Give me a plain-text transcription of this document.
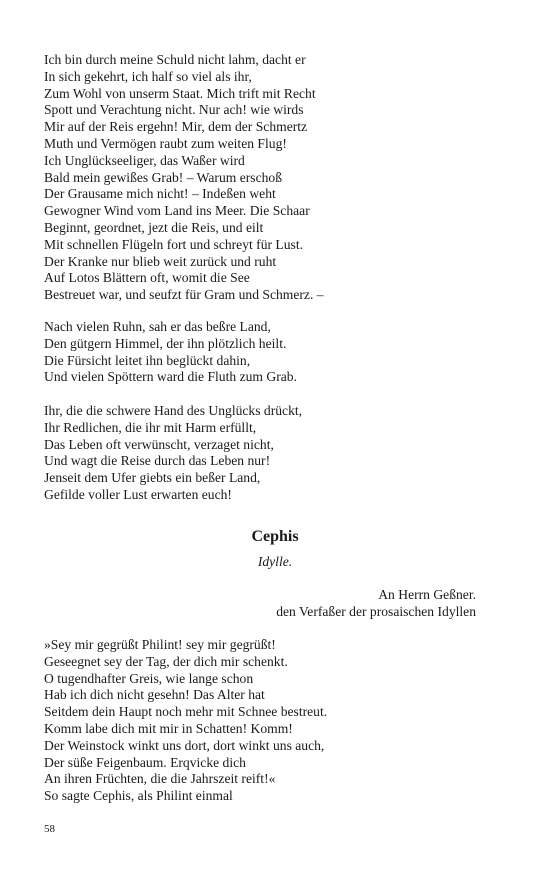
Ich bin durch meine Schuld nicht lahm, dacht er
In sich gekehrt, ich half so viel als ihr,
Zum Wohl von unserm Staat. Mich trift mit Recht
Spott und Verachtung nicht. Nur ach! wie wirds
Mir auf der Reis ergehn! Mir, dem der Schmertz
Muth und Vermögen raubt zum weiten Flug!
Ich Unglückseeliger, das Waßer wird
Bald mein gewißes Grab! – Warum erschoß
Der Grausame mich nicht! – Indeßen weht
Gewogner Wind vom Land ins Meer. Die Schaar
Beginnt, geordnet, jezt die Reis, und eilt
Mit schnellen Flügeln fort und schreyt für Lust.
Der Kranke nur blieb weit zurück und ruht
Auf Lotos Blättern oft, womit die See
Bestreuet war, und seufzt für Gram und Schmerz. –
Nach vielen Ruhn, sah er das beßre Land,
Den gütgern Himmel, der ihn plötzlich heilt.
Die Fürsicht leitet ihn beglückt dahin,
Und vielen Spöttern ward die Fluth zum Grab.
Ihr, die die schwere Hand des Unglücks drückt,
Ihr Redlichen, die ihr mit Harm erfüllt,
Das Leben oft verwünscht, verzaget nicht,
Und wagt die Reise durch das Leben nur!
Jenseit dem Ufer giebts ein beßer Land,
Gefilde voller Lust erwarten euch!
Cephis

Idylle.

An Herrn Geßner.
den Verfaßer der prosaischen Idyllen
»Sey mir gegrüßt Philint! sey mir gegrüßt!
Geseegnet sey der Tag, der dich mir schenkt.
O tugendhafter Greis, wie lange schon
Hab ich dich nicht gesehn! Das Alter hat
Seitdem dein Haupt noch mehr mit Schnee bestreut.
Komm labe dich mit mir in Schatten! Komm!
Der Weinstock winkt uns dort, dort winkt uns auch,
Der süße Feigenbaum. Erqvicke dich
An ihren Früchten, die die Jahrszeit reift!«
So sagte Cephis, als Philint einmal
58
